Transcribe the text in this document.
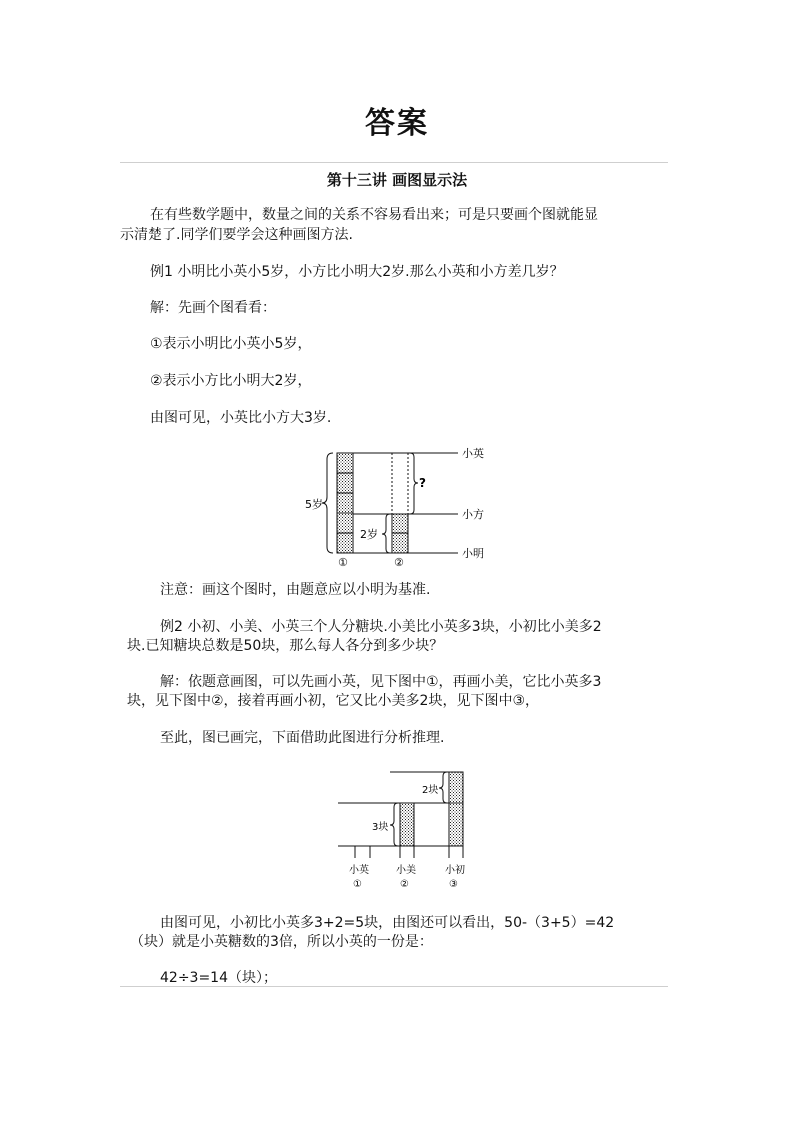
答案
第十三讲 画图显示法
在有些数学题中，数量之间的关系不容易看出来；可是只要画个图就能显
示清楚了.同学们要学会这种画图方法.
例1 小明比小英小5岁，小方比小明大2岁.那么小英和小方差几岁？
解：先画个图看看：
①表示小明比小英小5岁，
②表示小方比小明大2岁，
由图可见，小英比小方大3岁.
5岁
2岁
?
小英
小方
小明
①	②
注意：画这个图时，由题意应以小明为基准.
例2 小初、小美、小英三个人分糖块.小美比小英多3块，小初比小美多2
块.已知糖块总数是50块，那么每人各分到多少块？
解：依题意画图，可以先画小英，见下图中①，再画小美，它比小英多3
块，见下图中②，接着再画小初，它又比小美多2块，见下图中③，
至此，图已画完，下面借助此图进行分析推理.
2块
3块
小英	小美	小初
①	②	③
由图可见，小初比小英多3+2=5块，由图还可以看出，50-（3+5）=42
（块）就是小英糖数的3倍，所以小英的一份是：
42÷3=14（块）；
